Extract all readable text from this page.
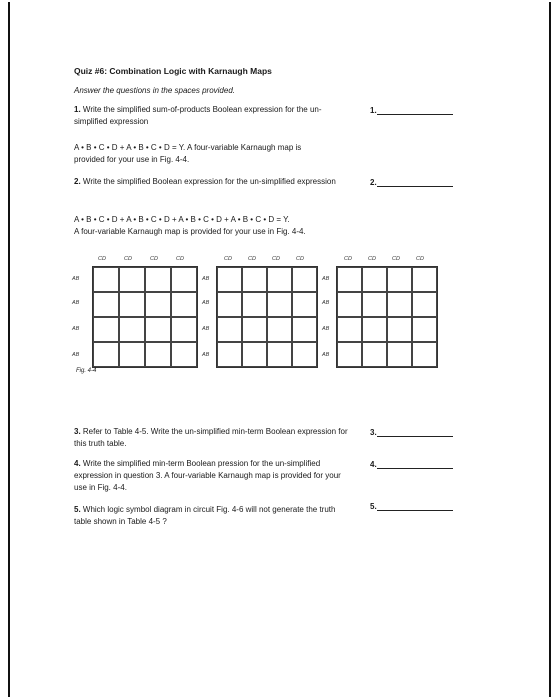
Quiz #6: Combination Logic with Karnaugh Maps
Answer the questions in the spaces provided.
1. Write the simplified sum-of-products Boolean expression for the un-simplified expression
1.
A • B • C • D + A • B • C • D = Y. A four-variable Karnaugh map is
provided for your use in Fig. 4-4.
2. Write the simplified Boolean expression for the un-simplified expression	2.
A • B • C • D + A • B • C • D + A • B • C • D + A • B • C • D = Y.
A four-variable Karnaugh map is provided for your use in Fig. 4-4.
CD	CD	CD	CD
AB
AB
AB
AB
CD	CD	CD	CD
AB
AB
AB
AB
CD	CD	CD	CD
AB
AB
AB
AB
Fig. 4-4
3. Refer to Table 4-5. Write the un-simplified min-term Boolean expression for this truth table.
3.
4. Write the simplified min-term Boolean pression for the un-simplified expression in question 3. A four-variable Karnaugh map is provided for your use in Fig. 4-4.
4.
5. Which logic symbol diagram in circuit Fig. 4-6 will not generate the truth table shown in Table 4-5 ?
5.
